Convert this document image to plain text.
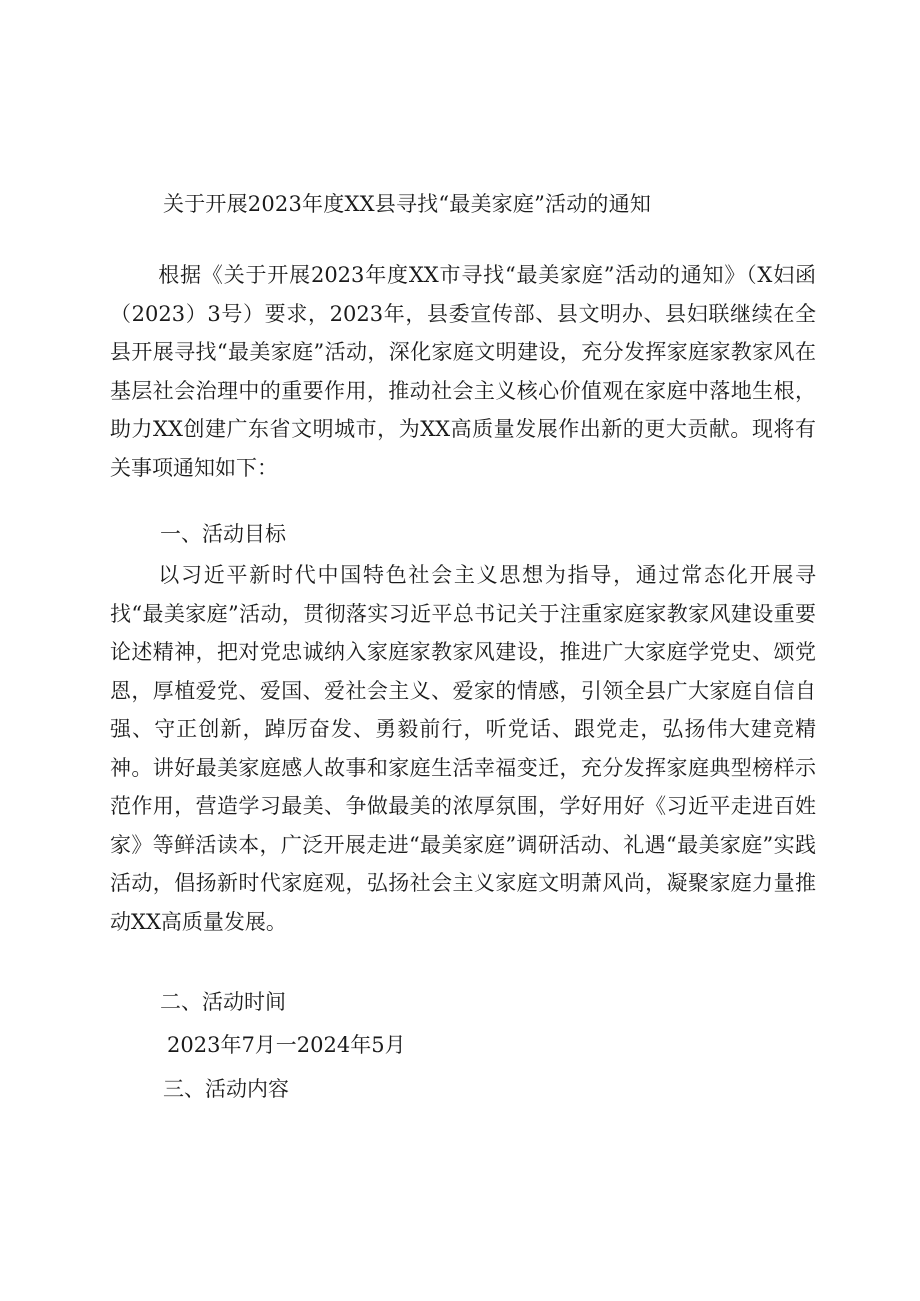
关于开展2023年度XX县寻找“最美家庭”活动的通知

根据《关于开展2023年度XX市寻找“最美家庭”活动的通知》（X妇函（2023）3号）要求，2023年，县委宣传部、县文明办、县妇联继续在全县开展寻找“最美家庭”活动，深化家庭文明建设，充分发挥家庭家教家风在基层社会治理中的重要作用，推动社会主义核心价值观在家庭中落地生根，助力XX创建广东省文明城市，为XX高质量发展作出新的更大贡献。现将有关事项通知如下：

一、活动目标

以习近平新时代中国特色社会主义思想为指导，通过常态化开展寻找“最美家庭”活动，贯彻落实习近平总书记关于注重家庭家教家风建设重要论述精神，把对党忠诚纳入家庭家教家风建设，推进广大家庭学党史、颂党恩，厚植爱党、爱国、爱社会主义、爱家的情感，引领全县广大家庭自信自强、守正创新，踔厉奋发、勇毅前行，听党话、跟党走，弘扬伟大建竞精神。讲好最美家庭感人故事和家庭生活幸福变迁，充分发挥家庭典型榜样示范作用，营造学习最美、争做最美的浓厚氛围，学好用好《习近平走进百姓家》等鲜活读本，广泛开展走进“最美家庭”调研活动、礼遇“最美家庭”实践活动，倡扬新时代家庭观，弘扬社会主义家庭文明萧风尚，凝聚家庭力量推动XX高质量发展。

二、活动时间
2023年7月一2024年5月
三、活动内容
